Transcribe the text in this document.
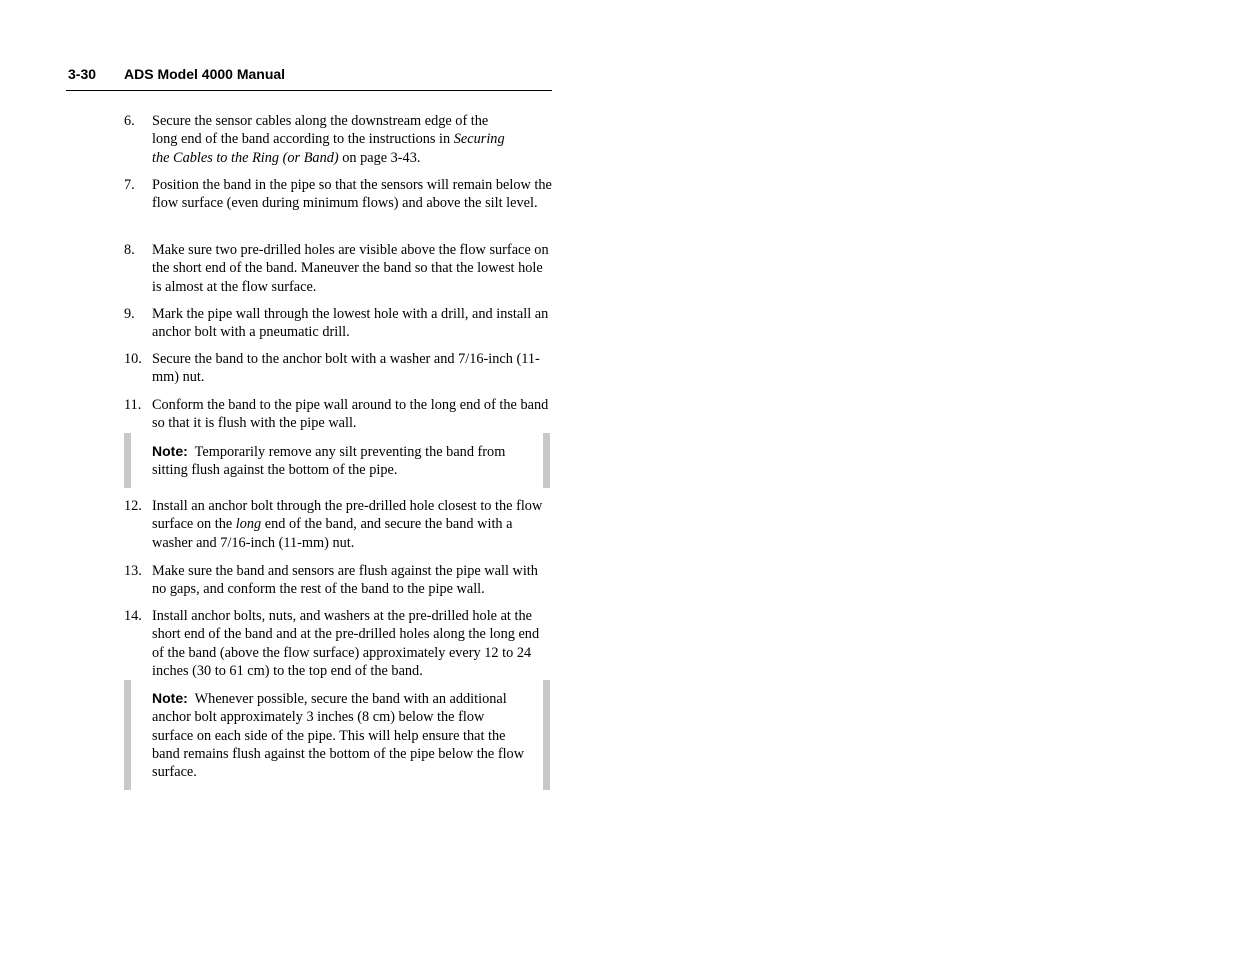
3-30 ADS Model 4000 Manual
6. Secure the sensor cables along the downstream edge of the
long end of the band according to the instructions in Securing
the Cables to the Ring (or Band) on page 3-43.
7. Position the band in the pipe so that the sensors will remain below the flow surface (even during minimum flows) and above the silt level.
8. Make sure two pre-drilled holes are visible above the flow surface on the short end of the band. Maneuver the band so that the lowest hole is almost at the flow surface.
9. Mark the pipe wall through the lowest hole with a drill, and install an anchor bolt with a pneumatic drill.
10. Secure the band to the anchor bolt with a washer and 7/16-inch (11-mm) nut.
11. Conform the band to the pipe wall around to the long end of the band so that it is flush with the pipe wall.
Note: Temporarily remove any silt preventing the band from sitting flush against the bottom of the pipe.
12. Install an anchor bolt through the pre-drilled hole closest to the flow surface on the long end of the band, and secure the band with a washer and 7/16-inch (11-mm) nut.
13. Make sure the band and sensors are flush against the pipe wall with no gaps, and conform the rest of the band to the pipe wall.
14. Install anchor bolts, nuts, and washers at the pre-drilled hole at the short end of the band and at the pre-drilled holes along the long end of the band (above the flow surface) approximately every 12 to 24 inches (30 to 61 cm) to the top end of the band.
Note: Whenever possible, secure the band with an additional anchor bolt approximately 3 inches (8 cm) below the flow surface on each side of the pipe. This will help ensure that the band remains flush against the bottom of the pipe below the flow surface.
